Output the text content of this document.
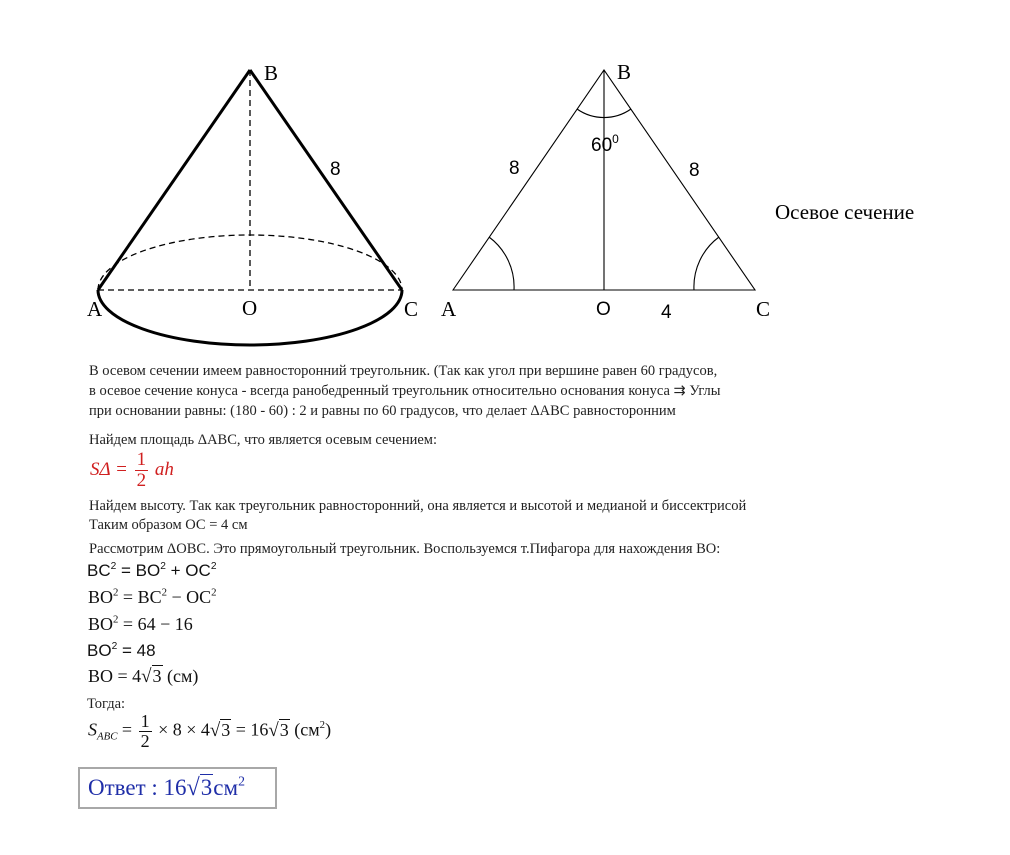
B
A	O	C
8
B
A	O	C
8	8
4
$60^0$
Осевое сечение
В осевом сечении имеем равносторонний треугольник. (Так как угол при вершине равен 60 градусов,
в осевое сечение конуса - всегда ранобедренный треугольник относительно основания конуса ⇉ Углы
при основании равны: (180 - 60) : 2 и равны по 60 градусов, что делает ΔАВС равносторонним
Найдем площадь ΔАВС, что является осевым сечением:
$S\Delta = \frac{1}{2}$ ah
Найдем высоту. Так как треугольник равносторонний, она является и высотой и медианой и биссектрисой
Таким образом ОС = 4 см
Рассмотрим ΔОВС. Это прямоугольный треугольник. Воспользуемся т.Пифагора для нахождения ВО:
$BC^2 = BO^2 + OC^2$
$BO^2 = BC^2 - OC^2$
$BO^2 = 64 - 16$
$BO^2 = 48$
BO = 4√3 (см)
Тогда:
$S_{ABC} = \frac{1}{2} \times 8 \times 4√3 = 16√3$ $(см^2)$
Ответ : $16√3см^2$
